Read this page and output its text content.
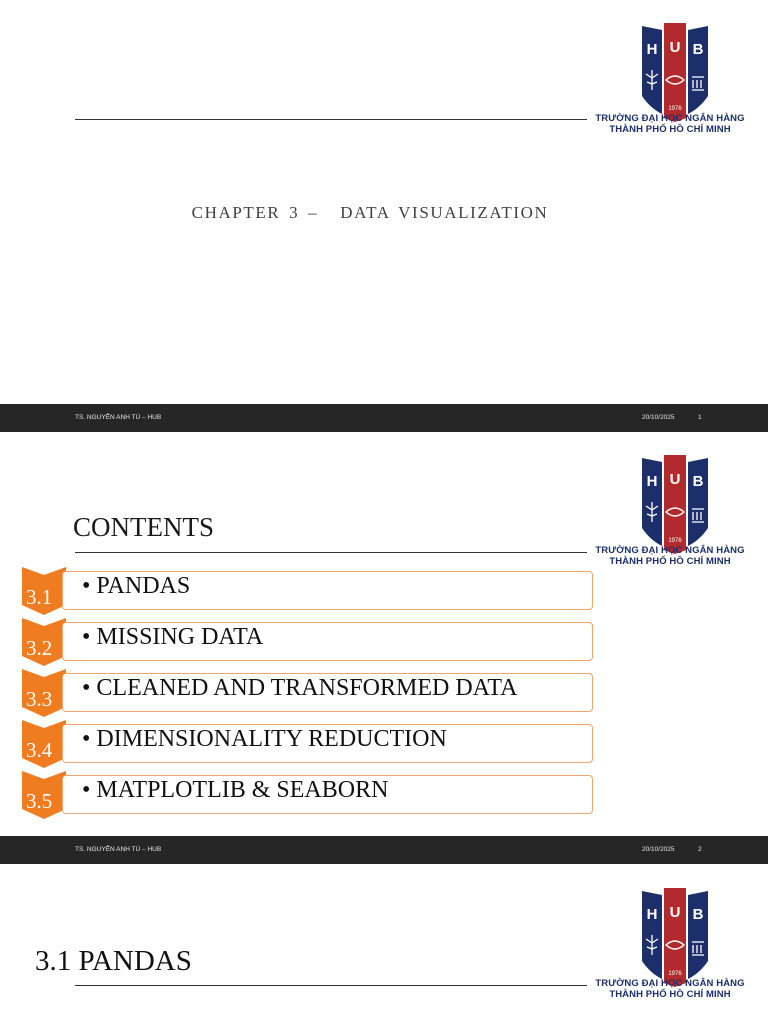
H U B
1976
TRƯỜNG ĐẠI HỌC NGÂN HÀNG
THÀNH PHỐ HỒ CHÍ MINH
CHAPTER 3 – DATA VISUALIZATION
TS. NGUYỄN ANH TÚ – HUB	20/10/2025	1
H U B
1976
TRƯỜNG ĐẠI HỌC NGÂN HÀNG
THÀNH PHỐ HỒ CHÍ MINH
CONTENTS
3.1 • PANDAS
3.2 • MISSING DATA
3.3 • CLEANED AND TRANSFORMED DATA
3.4 • DIMENSIONALITY REDUCTION
3.5 • MATPLOTLIB & SEABORN
TS. NGUYỄN ANH TÚ – HUB	20/10/2025	2
H U B
1976
TRƯỜNG ĐẠI HỌC NGÂN HÀNG
THÀNH PHỐ HỒ CHÍ MINH
3.1 PANDAS
